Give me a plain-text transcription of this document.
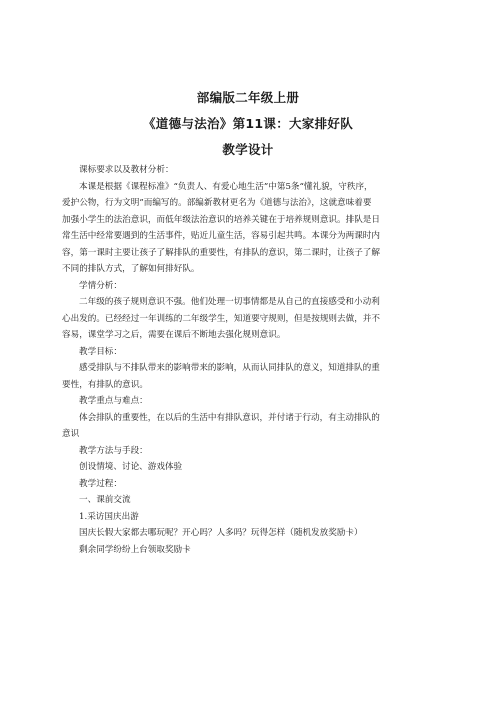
部编版二年级上册
《道德与法治》第11课：大家排好队
教学设计

课标要求以及教材分析：

本课是根据《课程标准》“负责人、有爱心地生活”中第5条“懂礼貌，守秩序，

爱护公物，行为文明”而编写的。部编新教材更名为《道德与法治》，这就意味着要

加强小学生的法治意识，而低年级法治意识的培养关键在于培养规则意识。排队是日

常生活中经常要遇到的生活事件，贴近儿童生活，容易引起共鸣。本课分为两课时内

容，第一课时主要让孩子了解排队的重要性，有排队的意识，第二课时，让孩子了解

不同的排队方式，了解如何排好队。

学情分析：

二年级的孩子规则意识不强。他们处理一切事情都是从自己的直接感受和小动利

心出发的。已经经过一年训练的二年级学生，知道要守规则，但是按规则去做，并不

容易，课堂学习之后，需要在课后不断地去强化规则意识。

教学目标：

感受排队与不排队带来的影响带来的影响，从而认同排队的意义，知道排队的重

要性，有排队的意识。

教学重点与难点：

体会排队的重要性，在以后的生活中有排队意识，并付诸于行动，有主动排队的

意识

教学方法与手段：

创设情境、讨论、游戏体验

教学过程：

一、课前交流

1.采访国庆出游

国庆长假大家都去哪玩呢？开心吗？人多吗？玩得怎样（随机发放奖励卡）

剩余同学纷纷上台领取奖励卡
